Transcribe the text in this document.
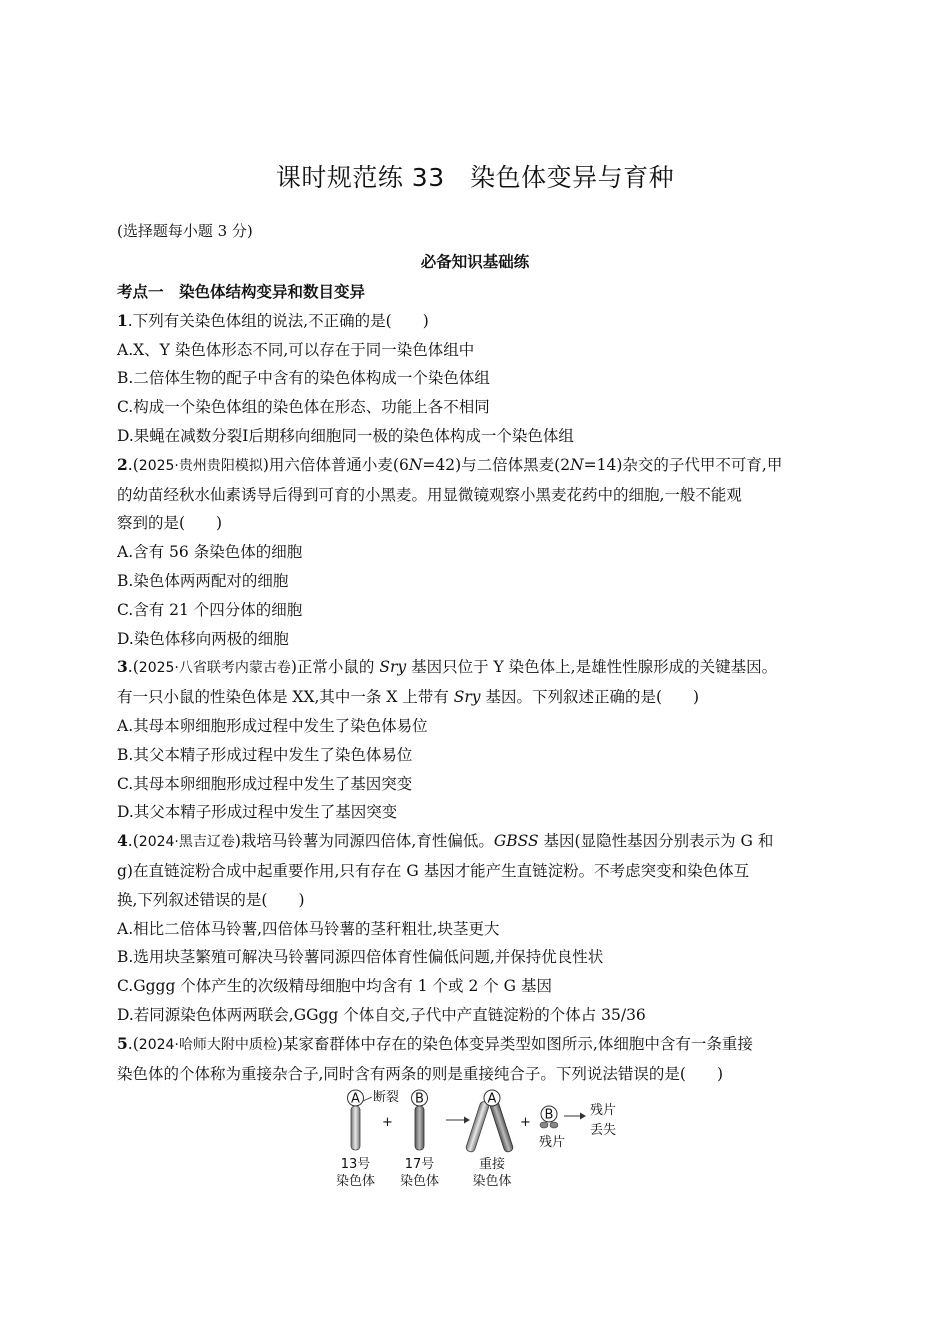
课时规范练 33　染色体变异与育种
(选择题每小题 3 分)
必备知识基础练
考点一　染色体结构变异和数目变异
1.下列有关染色体组的说法,不正确的是(　　)
A.X、Y 染色体形态不同,可以存在于同一染色体组中
B.二倍体生物的配子中含有的染色体构成一个染色体组
C.构成一个染色体组的染色体在形态、功能上各不相同
D.果蝇在减数分裂Ⅰ后期移向细胞同一极的染色体构成一个染色体组
2.(2025·贵州贵阳模拟)用六倍体普通小麦(6N=42)与二倍体黑麦(2N=14)杂交的子代甲不可育,甲
的幼苗经秋水仙素诱导后得到可育的小黑麦。用显微镜观察小黑麦花药中的细胞,一般不能观
察到的是(　　)
A.含有 56 条染色体的细胞
B.染色体两两配对的细胞
C.含有 21 个四分体的细胞
D.染色体移向两极的细胞
3.(2025·八省联考内蒙古卷)正常小鼠的 Sry 基因只位于 Y 染色体上,是雄性性腺形成的关键基因。
有一只小鼠的性染色体是 XX,其中一条 X 上带有 Sry 基因。下列叙述正确的是(　　)
A.其母本卵细胞形成过程中发生了染色体易位
B.其父本精子形成过程中发生了染色体易位
C.其母本卵细胞形成过程中发生了基因突变
D.其父本精子形成过程中发生了基因突变
4.(2024·黑吉辽卷)栽培马铃薯为同源四倍体,育性偏低。GBSS 基因(显隐性基因分别表示为 G 和
g)在直链淀粉合成中起重要作用,只有存在 G 基因才能产生直链淀粉。不考虑突变和染色体互
换,下列叙述错误的是(　　)
A.相比二倍体马铃薯,四倍体马铃薯的茎秆粗壮,块茎更大
B.选用块茎繁殖可解决马铃薯同源四倍体育性偏低问题,并保持优良性状
C.Gggg 个体产生的次级精母细胞中均含有 1 个或 2 个 G 基因
D.若同源染色体两两联会,GGgg 个体自交,子代中产直链淀粉的个体占 35/36
5.(2024·哈师大附中质检)某家畜群体中存在的染色体变异类型如图所示,体细胞中含有一条重接
染色体的个体称为重接杂合子,同时含有两条的则是重接纯合子。下列说法错误的是(　　)
A 断裂
+
B	A
+ B
残片
残片
丢失
13号
染色体
17号
染色体
重接
染色体
